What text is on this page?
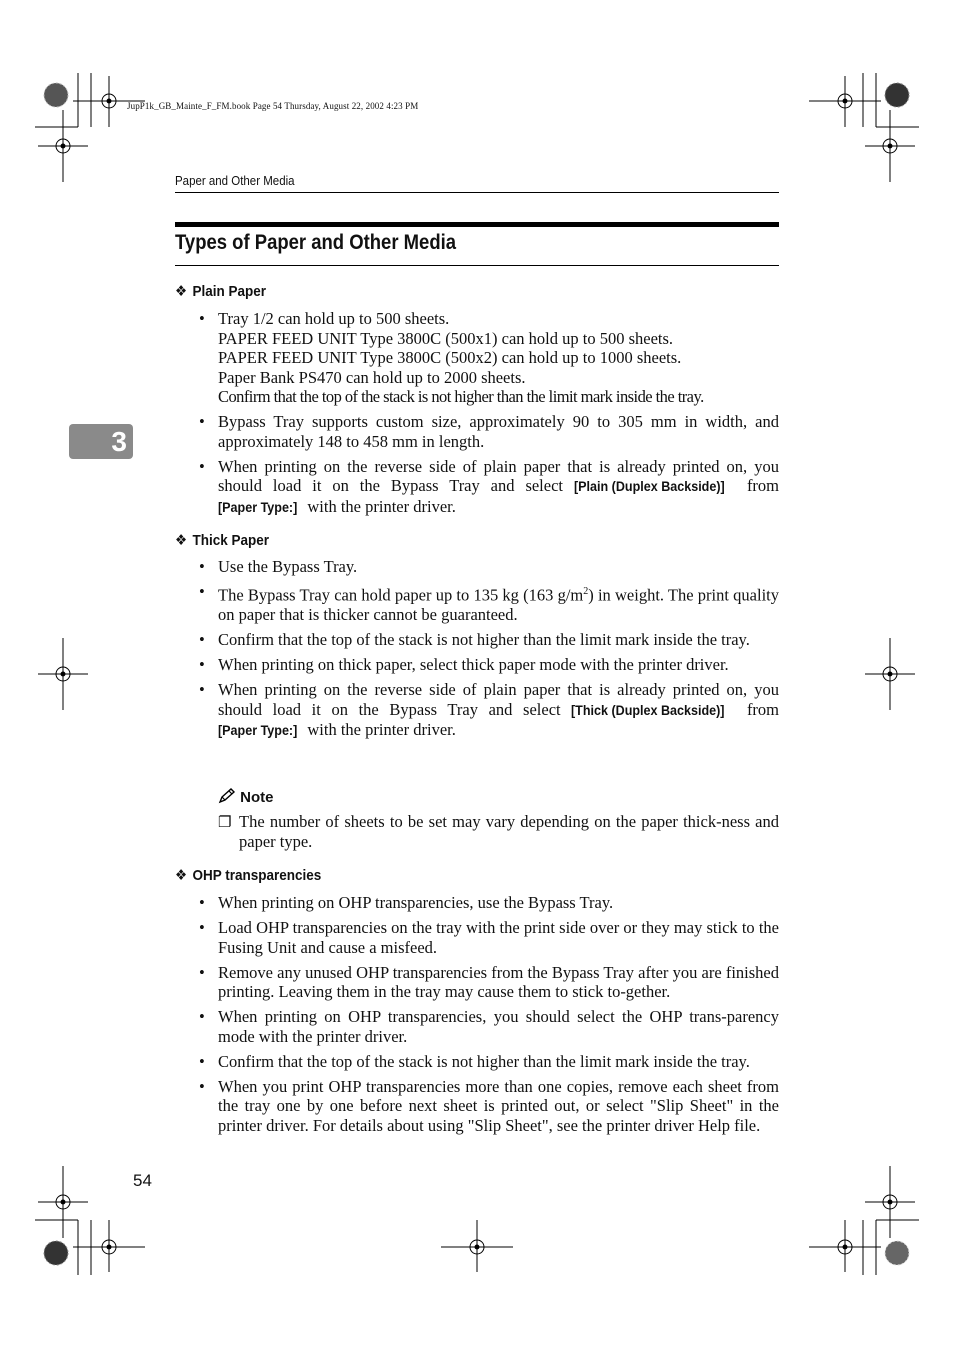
JupP1k_GB_Mainte_F_FM.book Page 54 Thursday, August 22, 2002 4:23 PM
Paper and Other Media
Types of Paper and Other Media
3
❖ Plain Paper
• Tray 1/2 can hold up to 500 sheets.
PAPER FEED UNIT Type 3800C (500x1) can hold up to 500 sheets.
PAPER FEED UNIT Type 3800C (500x2) can hold up to 1000 sheets.
Paper Bank PS470 can hold up to 2000 sheets.
Confirm that the top of the stack is not higher than the limit mark inside the tray.
• Bypass Tray supports custom size, approximately 90 to 305 mm in width, and approximately 148 to 458 mm in length.
• When printing on the reverse side of plain paper that is already printed on, you should load it on the Bypass Tray and select [Plain (Duplex Backside)] from [Paper Type:] with the printer driver.
❖ Thick Paper
• Use the Bypass Tray.
• The Bypass Tray can hold paper up to 135 kg (163 $g/m^2$) in weight. The print quality on paper that is thicker cannot be guaranteed.
• Confirm that the top of the stack is not higher than the limit mark inside the tray.
• When printing on thick paper, select thick paper mode with the printer driver.
• When printing on the reverse side of plain paper that is already printed on, you should load it on the Bypass Tray and select [Thick (Duplex Backside)] from [Paper Type:] with the printer driver.
Note
❐ The number of sheets to be set may vary depending on the paper thick-ness and paper type.
❖ OHP transparencies
• When printing on OHP transparencies, use the Bypass Tray.
• Load OHP transparencies on the tray with the print side over or they may stick to the Fusing Unit and cause a misfeed.
• Remove any unused OHP transparencies from the Bypass Tray after you are finished printing. Leaving them in the tray may cause them to stick to-gether.
• When printing on OHP transparencies, you should select the OHP trans-parency mode with the printer driver.
• Confirm that the top of the stack is not higher than the limit mark inside the tray.
• When you print OHP transparencies more than one copies, remove each sheet from the tray one by one before next sheet is printed out, or select "Slip Sheet" in the printer driver. For details about using "Slip Sheet", see the printer driver Help file.
54
